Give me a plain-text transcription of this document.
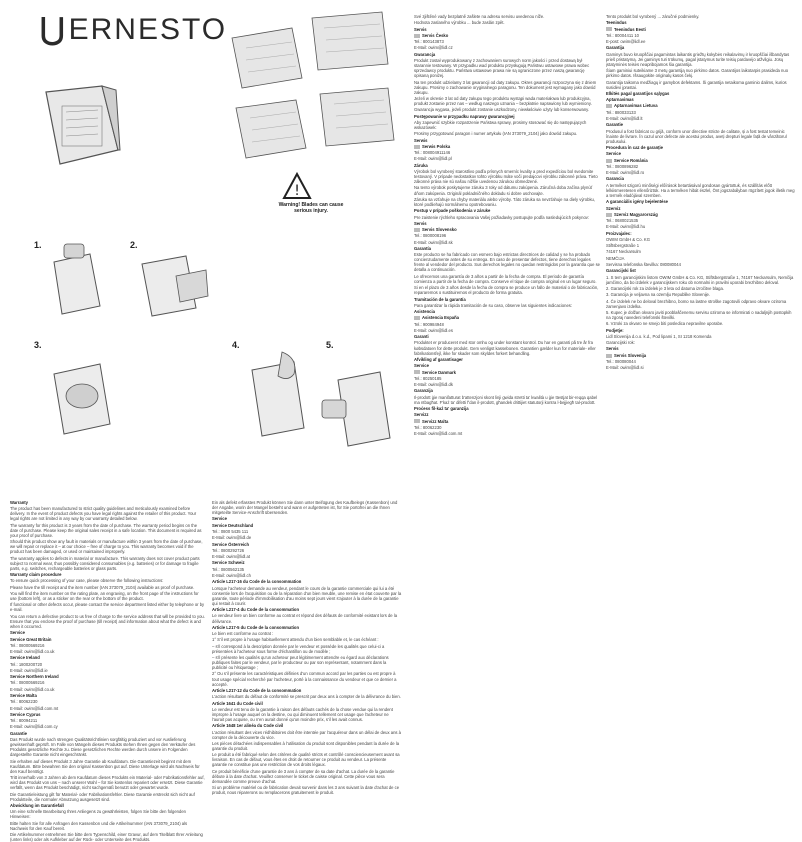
⋃ ERNESTO
!
Warning! Blades can cause
serious injury.
1.	2.
3.	4.	5.

Své zjištěné vady bezplatně zašlete na adresu servisu uvedenou níže.

Hodnota zaslaného výrobku ... bude zaslán zpět.

Servis

Servis Česko

Tel.: 800143873

E-Mail: owim@lidl.cz

Gwarancja

Produkt został wyprodukowany z zachowaniem surowych norm jakości i przed dostawą był starannie testowany. W przypadku wad produktu przysługują Państwu ustawowe prawa wobec sprzedawcy produktu. Państwa ustawowe prawa nie są ograniczone przez naszą gwarancję opisaną poniżej.

Na ten produkt udzielamy 3 lat gwarancji od daty zakupu. Okres gwarancji rozpoczyna się z dniem zakupu. Prosimy o zachowanie oryginalnego paragonu. Ten dokument jest wymagany jako dowód zakupu.

Jeżeli w okresie 3 lat od daty zakupu tego produktu wystąpi wada materiałowa lub produkcyjna, produkt zostanie przez nas – według naszego uznania – bezpłatnie naprawiony lub wymieniony.

Gwarancja wygasa, jeżeli produkt zostanie uszkodzony, niewłaściwie użyty lub konserwowany.

Postępowanie w przypadku naprawy gwarancyjnej

Aby zapewnić szybkie rozpatrzenie Państwa sprawy, prosimy stosować się do następujących wskazówek:

Prosimy przygotować paragon i numer artykułu (IAN 373079_2104) jako dowód zakupu.

Serwis

Serwis Polska

Tel.: 008004911146

E-Mail: owim@lidl.pl

Záruka

Výrobok bol vyrobený starostlivo podľa prísnych smerníc kvality a pred expedíciou bol svedomite testovaný. V prípade nedostatkov tohto výrobku máte voči predajcovi výrobku zákonné práva. Tieto zákonné práva nie sú našou nižšie uvedenou zárukou obmedzené.

Na tento výrobok poskytujeme záruku 3 roky od dátumu zakúpenia. Záručná doba začína plynúť dňom zakúpenia. Originál pokladničného dokladu si dobre uschovajte.

Záruka sa vzťahuje na chyby materiálu alebo výroby. Táto záruka sa nevzťahuje na diely výrobku, ktoré podliehajú normálnemu opotrebovaniu.

Postup v prípade poškodenia v záruke

Pre zaistenie rýchleho spracovania Vašej požiadavky postupujte podľa nasledujúcich pokynov:

Servis

Servis Slovensko

Tel.: 0800008196

E-Mail: owim@lidl.sk

Garantía

Este producto se ha fabricado con esmero bajo estrictas directrices de calidad y se ha probado concienzudamente antes de su entrega. En caso de presentar defectos, tiene derechos legales frente al vendedor del producto. Sus derechos legales no quedan restringidos por la garantía que se detalla a continuación.

Le ofrecemos una garantía de 3 años a partir de la fecha de compra. El periodo de garantía comienza a partir de la fecha de compra. Conserve el tique de compra original en un lugar seguro.

Si en el plazo de 3 años desde la fecha de compra se produce un fallo de material o de fabricación, repararemos o sustituiremos el producto de forma gratuita.

Tramitación de la garantía

Para garantizar la rápida tramitación de su caso, observe las siguientes indicaciones:

Asistencia

Asistencia España

Tel.: 900984948

E-Mail: owim@lidl.es

Garanti

Produktet er produceret med stor omhu og under konstant kontrol. Du har en garanti på tre år fra købsdatoen for dette produkt. Gem venligst kassebonen. Garantien gælder kun for materiale- eller fabrikationsfejl, ikke for skader som skyldes forkert behandling.

Afvikling af garantisager

Service

Service Danmark

Tel.: 80250185

E-Mail: owim@lidl.dk

Garanzija

Il-prodott ġie manifatturat b'attenzjoni skont linji gwida stretti ta' kwalità u ġie ttestjat bir-reqqa qabel ma ntbagħat. F'każ ta' difetti f'dan il-prodott, għandek drittijiet statutorji kontra l-bejjiegħ tal-prodott.

Proċess fil-każ ta' garanzija

Servizz

Servizz Malta

Tel.: 80062230

E-Mail: owim@lidl.com.mt

Tento produkt bol vyrobený ... záručné podmienky.

Teenindus

Teenindus Eesti

Tel.: 80004411 10

E-post: owim@lidl.ee

Garantija

Gaminys buvo kruopščiai pagamintas laikantis griežtų kokybės reikalavimų ir kruopščiai išbandytas prieš pristatymą. Jei gaminys turi trūkumų, pagal įstatymus turite teisių pardavėjo atžvilgiu. Jūsų įstatyminės teisės neapribojamos šia garantija.

Šiam gaminiui suteikiame 3 metų garantiją nuo pirkimo datos. Garantijos laikotarpis prasideda nuo pirkimo datos. Išsaugokite originalų kasos čekį.

Garantija taikoma medžiagų ir gamybos defektams. Ši garantija netaikoma gaminio dalims, kurios susidėvi įprastai.

Elkitės pagal garantijos sąlygas

Aptarnavimas

Aptarnavimas Lietuva

Tel.: 880033133

E-Mail: owim@lidl.lt

Garantie

Produsul a fost fabricat cu grijă, conform unor directive stricte de calitate, și a fost testat temeinic înainte de livrare. În cazul unor defecte ale acestui produs, aveți drepturi legale față de vânzătorul produsului.

Procedura în caz de garanție

Service

Service România

Tel.: 0800896282

E-Mail: owim@lidl.ro

Garancia

A terméket szigorú minőségi előírások betartásával gondosan gyártottuk, és szállítás előtt lelkiismeretesen ellenőriztük. Ha a terméken hibát észlel, Önt jogszabályban rögzített jogok illetik meg a termék eladójával szemben.

A garanciális igény bejelentése

Szerviz

Szerviz Magyarország

Tel.: 0680021535

E-Mail: owim@lidl.hu

Proizvajalec:

OWIM GmbH & Co. KG

Stiftsbergstraße 1

74167 Neckarsulm

NEMČIJA

Servisna telefonska številka: 080080044

Garancijski list

1. S tem garancijskim listom OWIM GmbH & Co. KG, Stiftsbergstraße 1, 74167 Neckarsulm, Nemčija jamčimo, da bo izdelek v garancijskem roku ob normalni in pravilni uporabi brezhibno deloval.

2. Garancijski rok za izdelek je 3 leta od datuma izročitve blaga.

3. Garancija je veljavna na ozemlju Republike Slovenije.

4. Če izdelek ne bo deloval brezhibno, bomo na lastne stroške zagotovili odpravo okvare oziroma zamenjavo izdelka.

5. Kupec je dolžan okvaro javiti pooblaščenemu servisu oziroma se informirati o nadaljnjih postopkih na zgoraj navedeni telefonski številki.

6. Vzroki za okvaro ne smejo biti posledica nepravilne uporabe.

Podjetje:

Lidl Slovenija d.o.o. k.d., Pod lipami 1, SI 1218 Komenda

Garancijski rok:

Servis

Servis Slovenija

Tel.: 080080044

E-Mail: owim@lidl.si

Warranty

The product has been manufactured to strict quality guidelines and meticulously examined before delivery. In the event of product defects you have legal rights against the retailer of this product. Your legal rights are not limited in any way by our warranty detailed below.

The warranty for this product is 3 years from the date of purchase. The warranty period begins on the date of purchase. Please keep the original sales receipt in a safe location. This document is required as your proof of purchase.

Should this product show any fault in materials or manufacture within 3 years from the date of purchase, we will repair or replace it – at our choice – free of charge to you. This warranty becomes void if the product has been damaged, or used or maintained improperly.

The warranty applies to defects in material or manufacture. This warranty does not cover product parts subject to normal wear, thus possibly considered consumables (e.g. batteries) or for damage to fragile parts, e.g. switches, rechargeable batteries or glass parts.

Warranty claim procedure

To ensure quick processing of your case, please observe the following instructions:

Please have the till receipt and the item number (IAN 373079_2104) available as proof of purchase.

You will find the item number on the rating plate, an engraving, on the front page of the instructions for use (bottom left), or as a sticker on the rear or the bottom of the product.

If functional or other defects occur, please contact the service department listed either by telephone or by e-mail.

You can return a defective product to us free of charge to the service address that will be provided to you. Ensure that you enclose the proof of purchase (till receipt) and information about what the defect is and when it occurred.

Service

Service Great Britain

Tel.: 08000569216

E-Mail: owim@lidl.co.uk

Service Ireland

Tel.: 1800200720

E-Mail: owim@lidl.ie

Service Northern Ireland

Tel.: 08000569216

E-Mail: owim@lidl.co.uk

Service Malta

Tel.: 80062230

E-Mail: owim@lidl.com.mt

Service Cyprus

Tel.: 80094211

E-Mail: owim@lidl.com.cy

Garantie

Das Produkt wurde nach strengen Qualitätsrichtlinien sorgfältig produziert und vor Auslieferung gewissenhaft geprüft. Im Falle von Mängeln dieses Produkts stehen Ihnen gegen den Verkäufer des Produkts gesetzliche Rechte zu. Diese gesetzlichen Rechte werden durch unsere im Folgenden dargestellte Garantie nicht eingeschränkt.

Sie erhalten auf dieses Produkt 3 Jahre Garantie ab Kaufdatum. Die Garantiezeit beginnt mit dem Kaufdatum. Bitte bewahren Sie den original Kassenbon gut auf. Diese Unterlage wird als Nachweis für den Kauf benötigt.

Tritt innerhalb von 3 Jahren ab dem Kaufdatum dieses Produkts ein Material- oder Fabrikationsfehler auf, wird das Produkt von uns – nach unserer Wahl – für Sie kostenlos repariert oder ersetzt. Diese Garantie verfällt, wenn das Produkt beschädigt, nicht sachgemäß benutzt oder gewartet wurde.

Die Garantieleistung gilt für Material- oder Fabrikationsfehler. Diese Garantie erstreckt sich nicht auf Produktteile, die normaler Abnutzung ausgesetzt sind.

Abwicklung im Garantiefall

Um eine schnelle Bearbeitung Ihres Anliegens zu gewährleisten, folgen Sie bitte den folgenden Hinweisen:

Bitte halten Sie für alle Anfragen den Kassenbon und die Artikelnummer (IAN 373079_2104) als Nachweis für den Kauf bereit.

Die Artikelnummer entnehmen Sie bitte dem Typenschild, einer Gravur, auf dem Titelblatt Ihrer Anleitung (unten links) oder als Aufkleber auf der Rück- oder Unterseite des Produkts.

Ein als defekt erfasstes Produkt können Sie dann unter Beifügung des Kaufbelegs (Kassenbon) und der Angabe, worin der Mangel besteht und wann er aufgetreten ist, für Sie portofrei an die Ihnen mitgeteilte Service-Anschrift übersenden.

Service

Service Deutschland

Tel.: 0800 5435 111

E-Mail: owim@lidl.de

Service Österreich

Tel.: 0800292726

E-Mail: owim@lidl.at

Service Schweiz

Tel.: 0800562135

E-Mail: owim@lidl.ch

Article L217-16 du Code de la consommation

Lorsque l'acheteur demande au vendeur, pendant le cours de la garantie commerciale qui lui a été consentie lors de l'acquisition ou de la réparation d'un bien meuble, une remise en état couverte par la garantie, toute période d'immobilisation d'au moins sept jours vient s'ajouter à la durée de la garantie qui restait à courir.

Article L217-4 du Code de la consommation

Le vendeur livre un bien conforme au contrat et répond des défauts de conformité existant lors de la délivrance.

Article L217-5 du Code de la consommation

Le bien est conforme au contrat :

1° S'il est propre à l'usage habituellement attendu d'un bien semblable et, le cas échéant :

– s'il correspond à la description donnée par le vendeur et possède les qualités que celui-ci a présentées à l'acheteur sous forme d'échantillon ou de modèle ;

– s'il présente les qualités qu'un acheteur peut légitimement attendre eu égard aux déclarations publiques faites par le vendeur, par le producteur ou par son représentant, notamment dans la publicité ou l'étiquetage ;

2° Ou s'il présente les caractéristiques définies d'un commun accord par les parties ou est propre à tout usage spécial recherché par l'acheteur, porté à la connaissance du vendeur et que ce dernier a accepté.

Article L217-12 du Code de la consommation

L'action résultant du défaut de conformité se prescrit par deux ans à compter de la délivrance du bien.

Article 1641 du Code civil

Le vendeur est tenu de la garantie à raison des défauts cachés de la chose vendue qui la rendent impropre à l'usage auquel on la destine, ou qui diminuent tellement cet usage que l'acheteur ne l'aurait pas acquise, ou n'en aurait donné qu'un moindre prix, s'il les avait connus.

Article 1648 1er alinéa du Code civil

L'action résultant des vices rédhibitoires doit être intentée par l'acquéreur dans un délai de deux ans à compter de la découverte du vice.

Les pièces détachées indispensables à l'utilisation du produit sont disponibles pendant la durée de la garantie du produit.

Le produit a été fabriqué selon des critères de qualité stricts et contrôlé consciencieusement avant sa livraison. En cas de défaut, vous êtes en droit de retourner ce produit au vendeur. La présente garantie ne constitue pas une restriction de vos droits légaux.

Ce produit bénéficie d'une garantie de 3 ans à compter de sa date d'achat. La durée de la garantie débute à la date d'achat. Veuillez conserver le ticket de caisse original. Cette pièce vous sera demandée comme preuve d'achat.

Si un problème matériel ou de fabrication devait survenir dans les 3 ans suivant la date d'achat de ce produit, nous réparerons ou remplacerons gratuitement le produit.
